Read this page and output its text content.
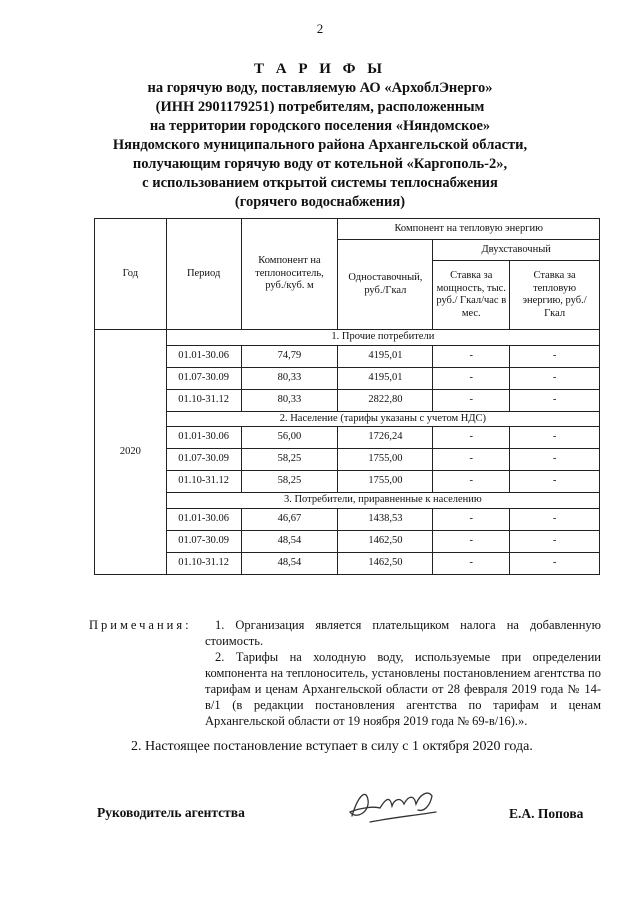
2
Т А Р И Ф Ы
на горячую воду, поставляемую АО «АрхоблЭнерго»
(ИНН 2901179251) потребителям, расположенным
на территории городского поселения «Няндомское»
Няндомского муниципального района Архангельской области,
получающим горячую воду от котельной «Каргополь-2»,
с использованием открытой системы теплоснабжения
(горячего водоснабжения)
Год	Период	Компонент на теплоноситель, руб./куб. м	Компонент на тепловую энергию		
			Одноставочный, руб./Гкал	Двухставочный	
				Ставка за мощность, тыс. руб./ Гкал/час в мес.	Ставка за тепловую энергию, руб./Гкал
2020	1. Прочие потребители				
	01.01-30.06	74,79	4195,01	-	-
	01.07-30.09	80,33	4195,01	-	-
	01.10-31.12	80,33	2822,80	-	-
	2. Население (тарифы указаны с учетом НДС)				
	01.01-30.06	56,00	1726,24	-	-
	01.07-30.09	58,25	1755,00	-	-
	01.10-31.12	58,25	1755,00	-	-
	3. Потребители, приравненные к населению				
	01.01-30.06	46,67	1438,53	-	-
	01.07-30.09	48,54	1462,50	-	-
	01.10-31.12	48,54	1462,50	-	-
Примечания:	1. Организация является плательщиком налога на добавленную стоимость.

2. Тарифы на холодную воду, используемые при определении компонента на теплоноситель, установлены постановлением агентства по тарифам и ценам Архангельской области от 28 февраля 2019 года № 14-в/1 (в редакции постановления агентства по тарифам и ценам Архангельской области от 19 ноября 2019 года № 69-в/16).».

2. Настоящее постановление вступает в силу с 1 октября 2020 года.
Руководитель агентства	Е.А. Попова
